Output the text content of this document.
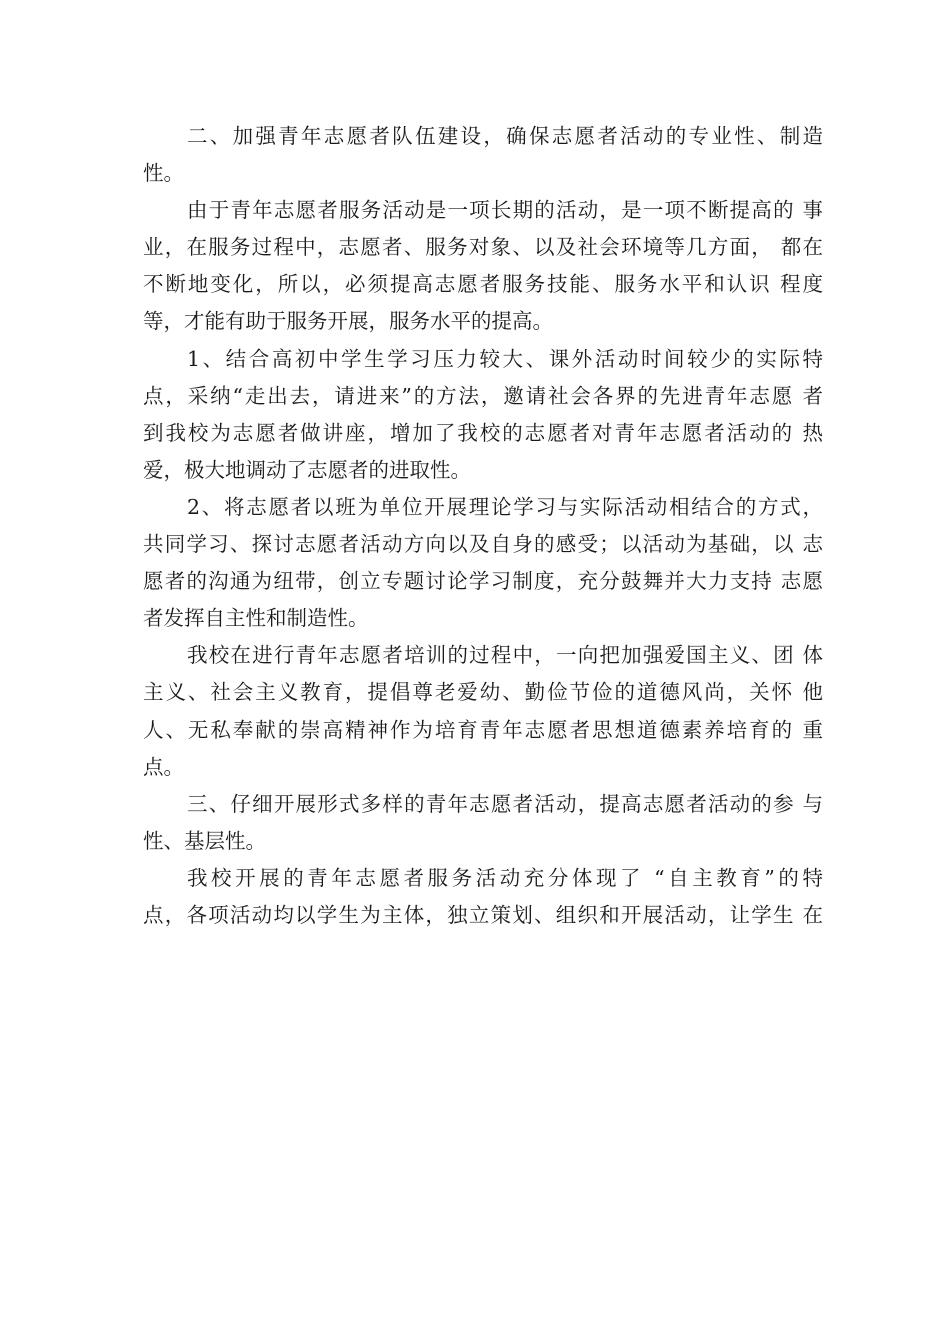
二、加强青年志愿者队伍建设，确保志愿者活动的专业性、制造
性。
由于青年志愿者服务活动是一项长期的活动，是一项不断提高的 事
业，在服务过程中，志愿者、服务对象、以及社会环境等几方面， 都在
不断地变化，所以，必须提高志愿者服务技能、服务水平和认识 程度
等，才能有助于服务开展，服务水平的提高。
1、结合高初中学生学习压力较大、课外活动时间较少的实际特
点，采纳“走出去，请进来”的方法，邀请社会各界的先进青年志愿 者
到我校为志愿者做讲座，增加了我校的志愿者对青年志愿者活动的 热
爱，极大地调动了志愿者的进取性。
2、将志愿者以班为单位开展理论学习与实际活动相结合的方式，
共同学习、探讨志愿者活动方向以及自身的感受；以活动为基础，以 志
愿者的沟通为纽带，创立专题讨论学习制度，充分鼓舞并大力支持 志愿
者发挥自主性和制造性。
我校在进行青年志愿者培训的过程中，一向把加强爱国主义、团 体
主义、社会主义教育，提倡尊老爱幼、勤俭节俭的道德风尚，关怀 他
人、无私奉献的崇高精神作为培育青年志愿者思想道德素养培育的 重
点。
三、仔细开展形式多样的青年志愿者活动，提高志愿者活动的参 与
性、基层性。
我校开展的青年志愿者服务活动充分体现了 “自主教育”的特
点，各项活动均以学生为主体，独立策划、组织和开展活动，让学生 在
